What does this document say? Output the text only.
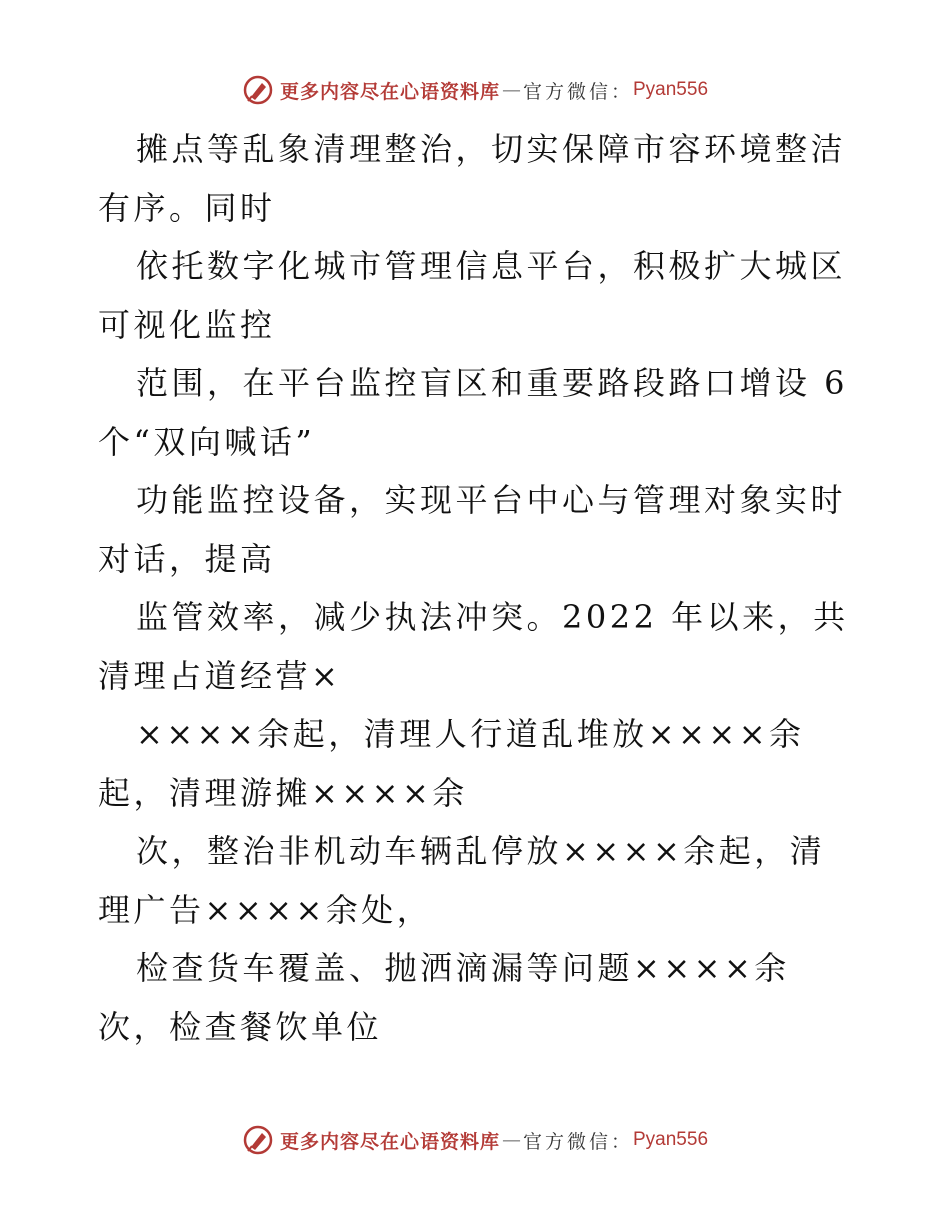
更多内容尽在心语资料库 — 官方微信： Pyan556

摊点等乱象清理整治，切实保障市容环境整洁有序。同时

依托数字化城市管理信息平台，积极扩大城区可视化监控

范围，在平台监控盲区和重要路段路口增设 6 个“双向喊话”

功能监控设备，实现平台中心与管理对象实时对话，提高

监管效率，减少执法冲突。2022 年以来，共清理占道经营×

××××余起，清理人行道乱堆放××××余起，清理游摊××××余

次，整治非机动车辆乱停放××××余起，清理广告××××余处，

检查货车覆盖、抛洒滴漏等问题××××余次，检查餐饮单位

更多内容尽在心语资料库 — 官方微信： Pyan556
